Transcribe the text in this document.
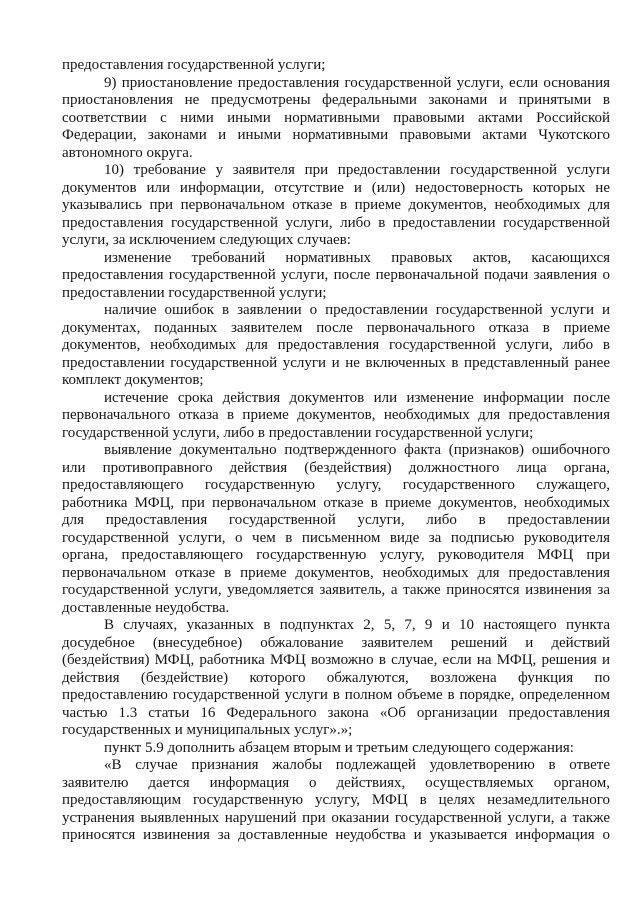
предоставления государственной услуги;
9) приостановление предоставления государственной услуги, если основания
приостановления не предусмотрены федеральными законами и принятыми в
соответствии с ними иными нормативными правовыми актами Российской
Федерации, законами и иными нормативными правовыми актами Чукотского
автономного округа.
10) требование у заявителя при предоставлении государственной услуги
документов или информации, отсутствие и (или) недостоверность которых не
указывались при первоначальном отказе в приеме документов, необходимых для
предоставления государственной услуги, либо в предоставлении государственной
услуги, за исключением следующих случаев:
изменение требований нормативных правовых актов, касающихся
предоставления государственной услуги, после первоначальной подачи заявления о
предоставлении государственной услуги;
наличие ошибок в заявлении о предоставлении государственной услуги и
документах, поданных заявителем после первоначального отказа в приеме
документов, необходимых для предоставления государственной услуги, либо в
предоставлении государственной услуги и не включенных в представленный ранее
комплект документов;
истечение срока действия документов или изменение информации после
первоначального отказа в приеме документов, необходимых для предоставления
государственной услуги, либо в предоставлении государственной услуги;
выявление документально подтвержденного факта (признаков) ошибочного
или противоправного действия (бездействия) должностного лица органа,
предоставляющего государственную услугу, государственного служащего,
работника МФЦ, при первоначальном отказе в приеме документов, необходимых
для предоставления государственной услуги, либо в предоставлении
государственной услуги, о чем в письменном виде за подписью руководителя
органа, предоставляющего государственную услугу, руководителя МФЦ при
первоначальном отказе в приеме документов, необходимых для предоставления
государственной услуги, уведомляется заявитель, а также приносятся извинения за
доставленные неудобства.
В случаях, указанных в подпунктах 2, 5, 7, 9 и 10 настоящего пункта
досудебное (внесудебное) обжалование заявителем решений и действий
(бездействия) МФЦ, работника МФЦ возможно в случае, если на МФЦ, решения и
действия (бездействие) которого обжалуются, возложена функция по
предоставлению государственной услуги в полном объеме в порядке, определенном
частью 1.3 статьи 16 Федерального закона «Об организации предоставления
государственных и муниципальных услуг».»;
пункт 5.9 дополнить абзацем вторым и третьим следующего содержания:
«В случае признания жалобы подлежащей удовлетворению в ответе
заявителю дается информация о действиях, осуществляемых органом,
предоставляющим государственную услугу, МФЦ в целях незамедлительного
устранения выявленных нарушений при оказании государственной услуги, а также
приносятся извинения за доставленные неудобства и указывается информация о
